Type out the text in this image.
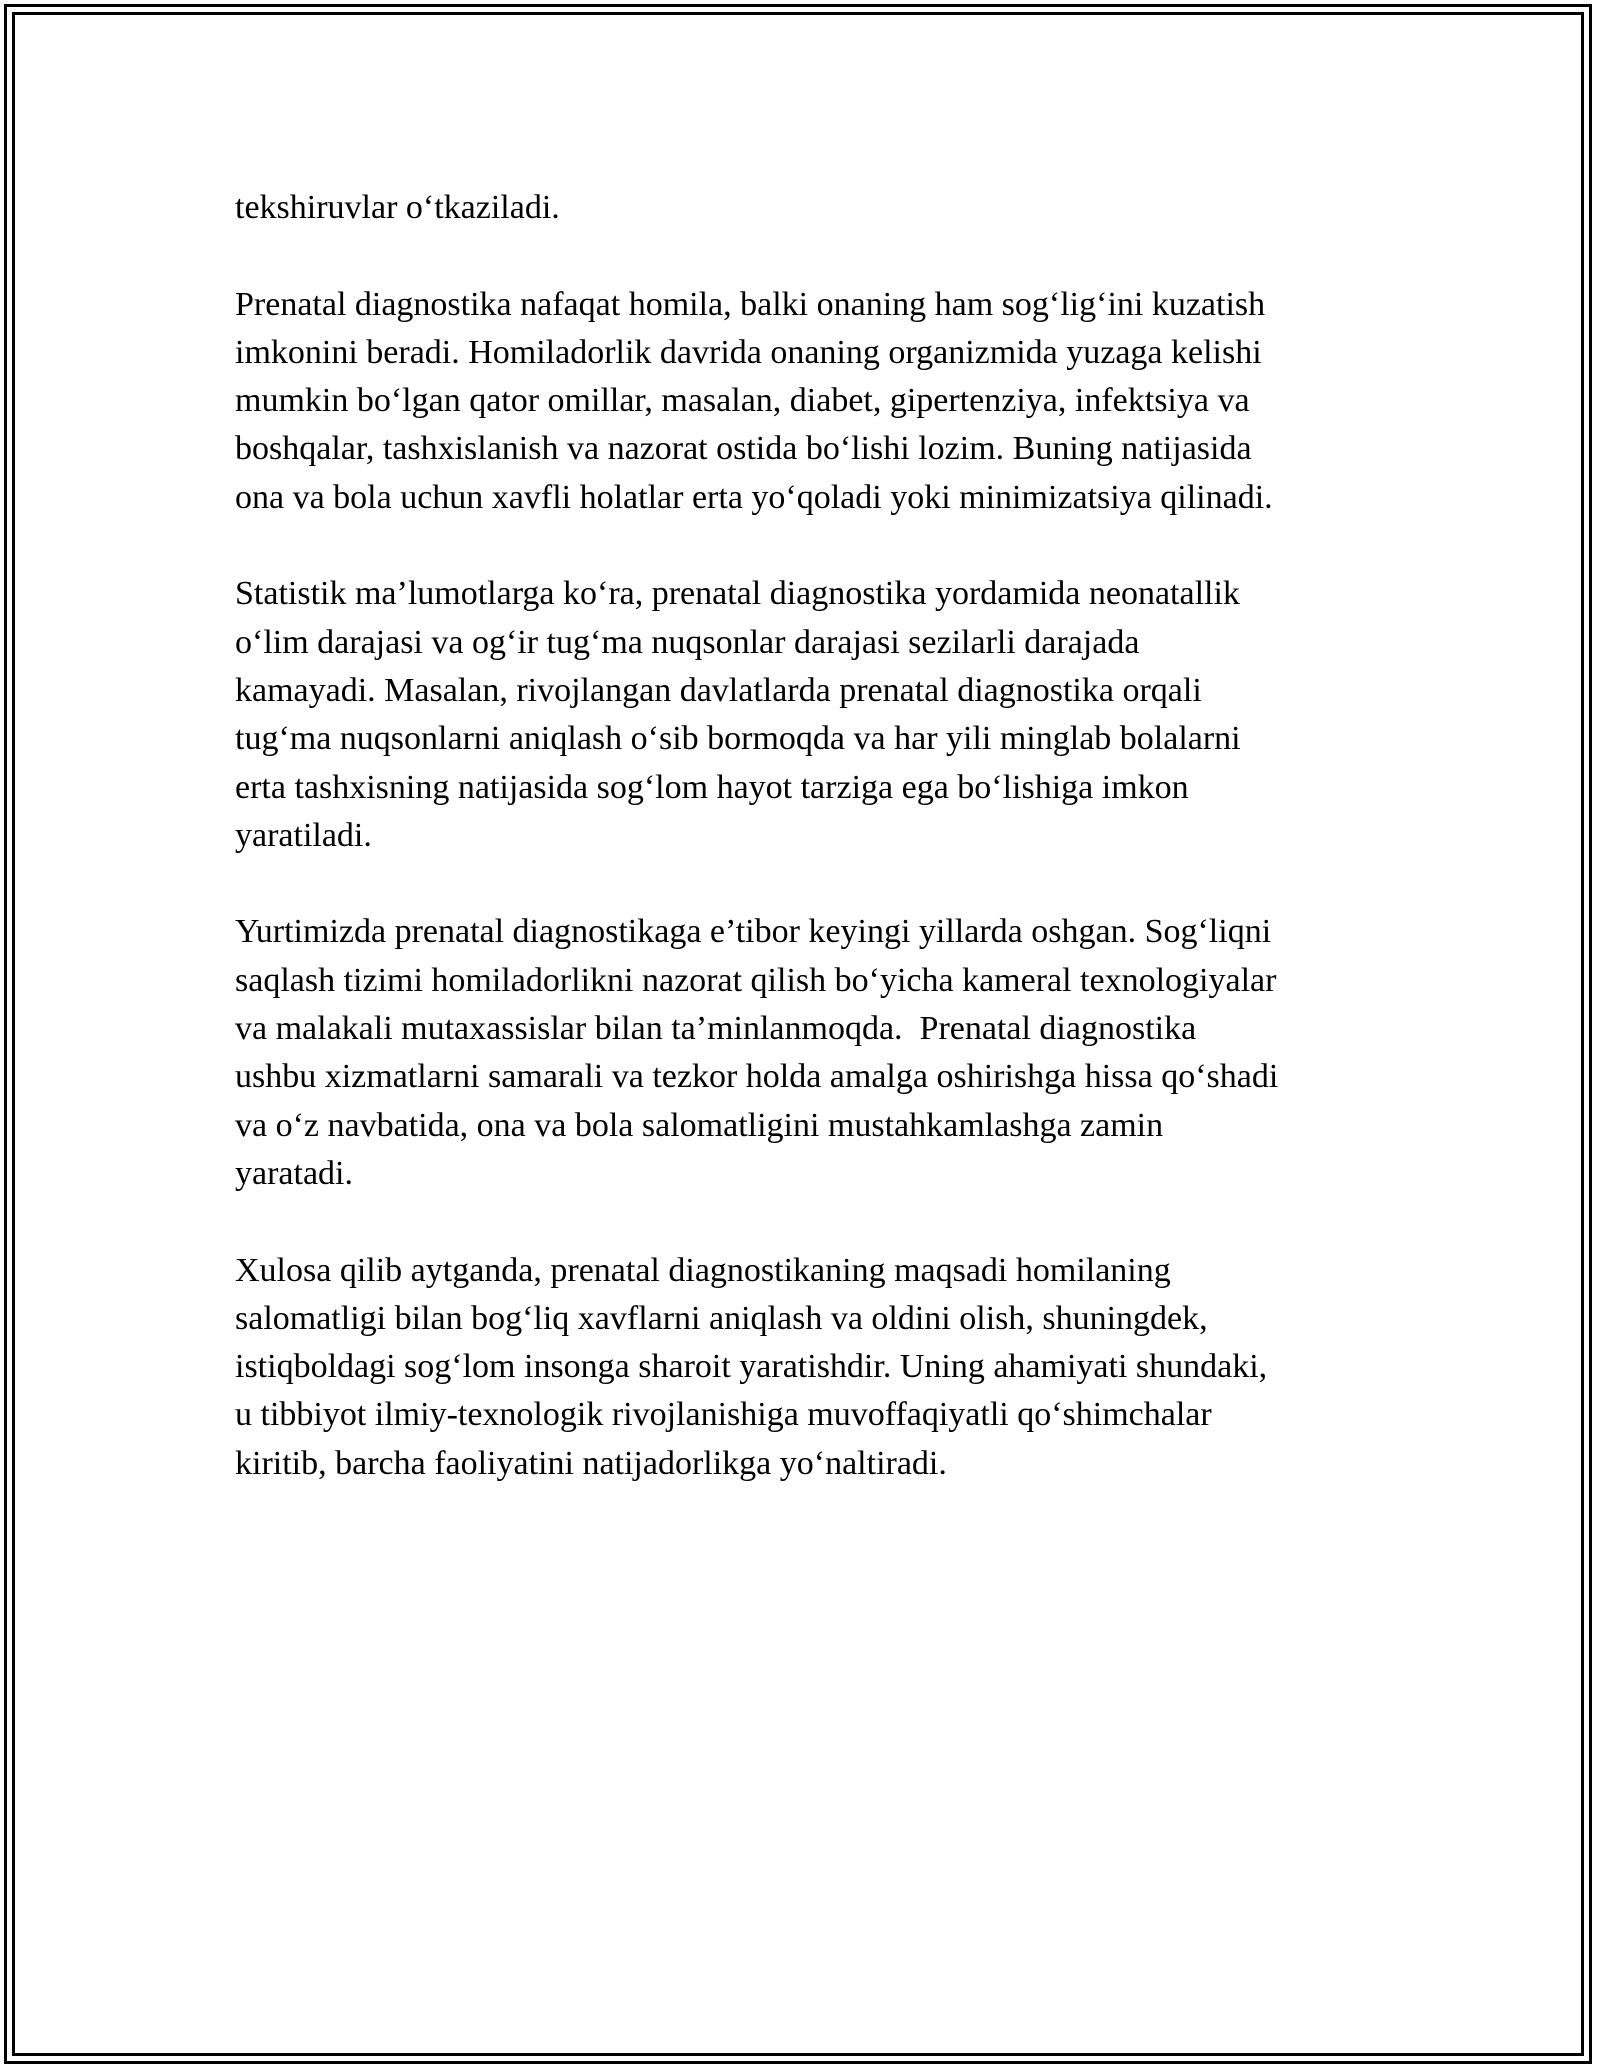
tekshiruvlar o‘tkaziladi.

Prenatal diagnostika nafaqat homila, balki onaning ham sog‘lig‘ini kuzatish
imkonini beradi. Homiladorlik davrida onaning organizmida yuzaga kelishi
mumkin bo‘lgan qator omillar, masalan, diabet, gipertenziya, infektsiya va
boshqalar, tashxislanish va nazorat ostida bo‘lishi lozim. Buning natijasida
ona va bola uchun xavfli holatlar erta yo‘qoladi yoki minimizatsiya qilinadi.

Statistik ma’lumotlarga ko‘ra, prenatal diagnostika yordamida neonatallik
o‘lim darajasi va og‘ir tug‘ma nuqsonlar darajasi sezilarli darajada
kamayadi. Masalan, rivojlangan davlatlarda prenatal diagnostika orqali
tug‘ma nuqsonlarni aniqlash o‘sib bormoqda va har yili minglab bolalarni
erta tashxisning natijasida sog‘lom hayot tarziga ega bo‘lishiga imkon
yaratiladi.

Yurtimizda prenatal diagnostikaga e’tibor keyingi yillarda oshgan. Sog‘liqni
saqlash tizimi homiladorlikni nazorat qilish bo‘yicha kameral texnologiyalar
va malakali mutaxassislar bilan ta’minlanmoqda.  Prenatal diagnostika
ushbu xizmatlarni samarali va tezkor holda amalga oshirishga hissa qo‘shadi
va o‘z navbatida, ona va bola salomatligini mustahkamlashga zamin
yaratadi.

Xulosa qilib aytganda, prenatal diagnostikaning maqsadi homilaning
salomatligi bilan bog‘liq xavflarni aniqlash va oldini olish, shuningdek,
istiqboldagi sog‘lom insonga sharoit yaratishdir. Uning ahamiyati shundaki,
u tibbiyot ilmiy-texnologik rivojlanishiga muvoffaqiyatli qo‘shimchalar
kiritib, barcha faoliyatini natijadorlikga yo‘naltiradi.
